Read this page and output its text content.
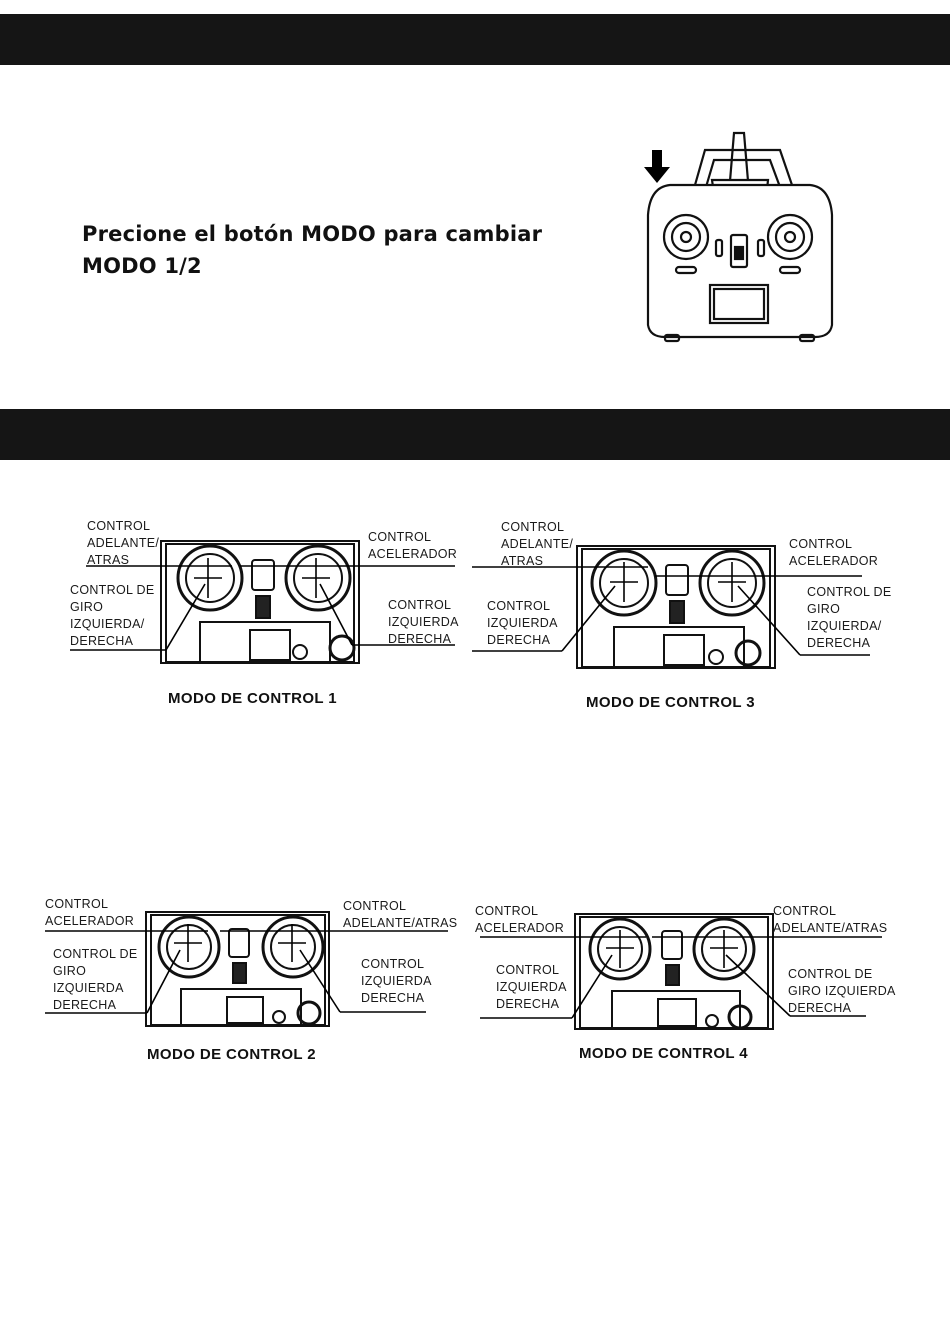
Precione el botón MODO para cambiar
MODO 1/2
CONTROL
ADELANTE/
ATRAS
CONTROL DE
GIRO
IZQUIERDA/
DERECHA
CONTROL
ACELERADOR
CONTROL
IZQUIERDA
DERECHA
MODO DE CONTROL 1
CONTROL
ADELANTE/
ATRAS
CONTROL
IZQUIERDA
DERECHA
CONTROL
ACELERADOR
CONTROL DE
GIRO
IZQUIERDA/
DERECHA
MODO DE CONTROL 3
CONTROL
ACELERADOR
CONTROL DE
GIRO
IZQUIERDA
DERECHA
CONTROL
ADELANTE/ATRAS
CONTROL
IZQUIERDA
DERECHA
MODO DE CONTROL 2
CONTROL
ACELERADOR
CONTROL
IZQUIERDA
DERECHA
CONTROL
ADELANTE/ATRAS
CONTROL DE
GIRO IZQUIERDA
DERECHA
MODO DE CONTROL 4
